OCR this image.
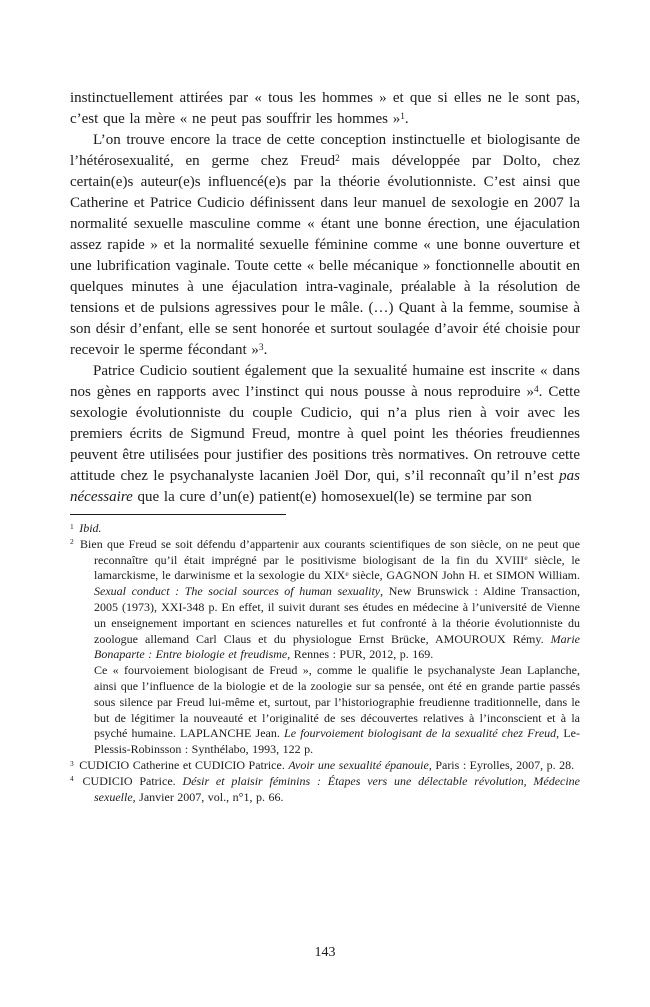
instinctuellement attirées par « tous les hommes » et que si elles ne le sont pas, c’est que la mère « ne peut pas souffrir les hommes »$^1$.

L’on trouve encore la trace de cette conception instinctuelle et biologisante de l’hétérosexualité, en germe chez Freud$^2$ mais développée par Dolto, chez certain(e)s auteur(e)s influencé(e)s par la théorie évolutionniste. C’est ainsi que Catherine et Patrice Cudicio définissent dans leur manuel de sexologie en 2007 la normalité sexuelle masculine comme « étant une bonne érection, une éjaculation assez rapide » et la normalité sexuelle féminine comme « une bonne ouverture et une lubrification vaginale. Toute cette « belle mécanique » fonctionnelle aboutit en quelques minutes à une éjaculation intra-vaginale, préalable à la résolution de tensions et de pulsions agressives pour le mâle. (…) Quant à la femme, soumise à son désir d’enfant, elle se sent honorée et surtout soulagée d’avoir été choisie pour recevoir le sperme fécondant »$^3$.

Patrice Cudicio soutient également que la sexualité humaine est inscrite « dans nos gènes en rapports avec l’instinct qui nous pousse à nous reproduire »$^4$. Cette sexologie évolutionniste du couple Cudicio, qui n’a plus rien à voir avec les premiers écrits de Sigmund Freud, montre à quel point les théories freudiennes peuvent être utilisées pour justifier des positions très normatives. On retrouve cette attitude chez le psychanalyste lacanien Joël Dor, qui, s’il reconnaît qu’il n’est pas nécessaire que la cure d’un(e) patient(e) homosexuel(le) se termine par son

$^1$ Ibid.

$^2$ Bien que Freud se soit défendu d’appartenir aux courants scientifiques de son siècle, on ne peut que reconnaître qu’il était imprégné par le positivisme biologisant de la fin du XVIIIe siècle, le lamarckisme, le darwinisme et la sexologie du XIXe siècle, GAGNON John H. et SIMON William. Sexual conduct : The social sources of human sexuality, New Brunswick : Aldine Transaction, 2005 (1973), XXI-348 p. En effet, il suivit durant ses études en médecine à l’université de Vienne un enseignement important en sciences naturelles et fut confronté à la théorie évolutionniste du zoologue allemand Carl Claus et du physiologue Ernst Brücke, AMOUROUX Rémy. Marie Bonaparte : Entre biologie et freudisme, Rennes : PUR, 2012, p. 169.

Ce « fourvoiement biologisant de Freud », comme le qualifie le psychanalyste Jean Laplanche, ainsi que l’influence de la biologie et de la zoologie sur sa pensée, ont été en grande partie passés sous silence par Freud lui-même et, surtout, par l’historiographie freudienne traditionnelle, dans le but de légitimer la nouveauté et l’originalité de ses découvertes relatives à l’inconscient et à la psyché humaine. LAPLANCHE Jean. Le fourvoiement biologisant de la sexualité chez Freud, Le-Plessis-Robinsson : Synthélabo, 1993, 122 p.

$^3$ CUDICIO Catherine et CUDICIO Patrice. Avoir une sexualité épanouie, Paris : Eyrolles, 2007, p. 28.

$^4$ CUDICIO Patrice. Désir et plaisir féminins : Étapes vers une délectable révolution, Médecine sexuelle, Janvier 2007, vol., n°1, p. 66.

143
